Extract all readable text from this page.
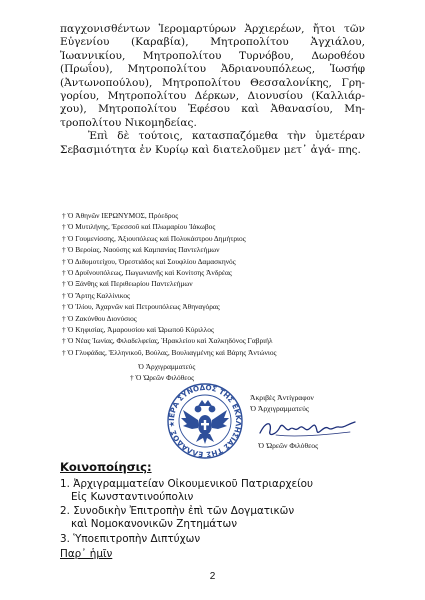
παγχονισθέντων Ἱερομαρτύρων Ἀρχιερέων, ἤτοι τῶν Εὐγενίου (Καραβία), Μητροπολίτου Ἀγχιάλου, Ἰωαννικίου, Μητροπολίτου Τυρνόβου, Δωροθέου (Πρωΐου), Μητροπολίτου Ἀδριανουπόλεως, Ἰωσήφ (Ἀντωνοπούλου), Μητροπολίτου Θεσσαλονίκης, Γρη- γορίου, Μητροπολίτου Δέρκων, Διονυσίου (Καλλιάρ- χου), Μητροπολίτου Ἐφέσου καὶ Ἀθανασίου, Μη- τροπολίτου Νικομηδείας.

Ἐπὶ δὲ τούτοις, κατασπαζόμεθα τὴν ὑμετέραν Σεβασμιότητα ἐν Κυρίῳ καὶ διατελοῦμεν μετ᾽ ἀγά- πης.

† Ὁ Ἀθηνῶν ΙΕΡΩΝΥΜΟΣ, Πρόεδρος
† Ὁ Μυτιλήνης, Ἐρεσσοῦ καὶ Πλωμαρίου Ἰάκωβος
† Ὁ Γουμενίσσης, Ἀξιουπόλεως καὶ Πολυκάστρου Δημήτριος
† Ὁ Βεροίας, Ναούσης καὶ Καμπανίας Παντελεήμων
† Ὁ Διδυμοτείχου, Ὀρεστιάδος καὶ Σουφλίου Δαμασκηνός
† Ὁ Δρυϊνουπόλεως, Πωγωνιανῆς καὶ Κονίτσης Ἀνδρέας
† Ὁ Ξάνθης καὶ Περιθεωρίου Παντελεήμων
† Ὁ Ἄρτης Καλλίνικος
† Ὁ Ἰλίου, Ἀχαρνῶν καὶ Πετρουπόλεως Ἀθηναγόρας
† Ὁ Ζακύνθου Διονύσιος
† Ὁ Κηφισίας, Ἀμαρουσίου καὶ Ὠρωποῦ Κύριλλος
† Ὁ Νέας Ἰωνίας, Φιλαδελφείας, Ἡρακλείου καὶ Χαλκηδόνος Γαβριήλ
† Ὁ Γλυφάδας, Ἑλληνικοῦ, Βούλας, Βουλιαγμένης καὶ Βάρης Ἀντώνιος
Ὁ Ἀρχιγραμματεύς
† Ὁ Ὠρεῶν Φιλόθεος
ΙΕΡΑ ΣΥΝΟΔΟΣ ΤΗΣ ΕΚΚΛΗΣΙΑΣ ΤΗΣ ΕΛΛΑΔΟΣ ★
Ἀκριβὲς Ἀντίγραφον
Ὁ Ἀρχιγραμματεύς
Ὁ Ὠρεῶν Φιλόθεος
Κοινοποίησις:
1. Ἀρχιγραμματείαν Οἰκουμενικοῦ Πατριαρχείου
Εἰς Κωνσταντινούπολιν
2. Συνοδικὴν Ἐπιτροπὴν ἐπὶ τῶν Δογματικῶν
καὶ Νομοκανονικῶν Ζητημάτων
3. Ὑποεπιτροπὴν Διπτύχων
Παρ᾽ ἡμῖν
2
